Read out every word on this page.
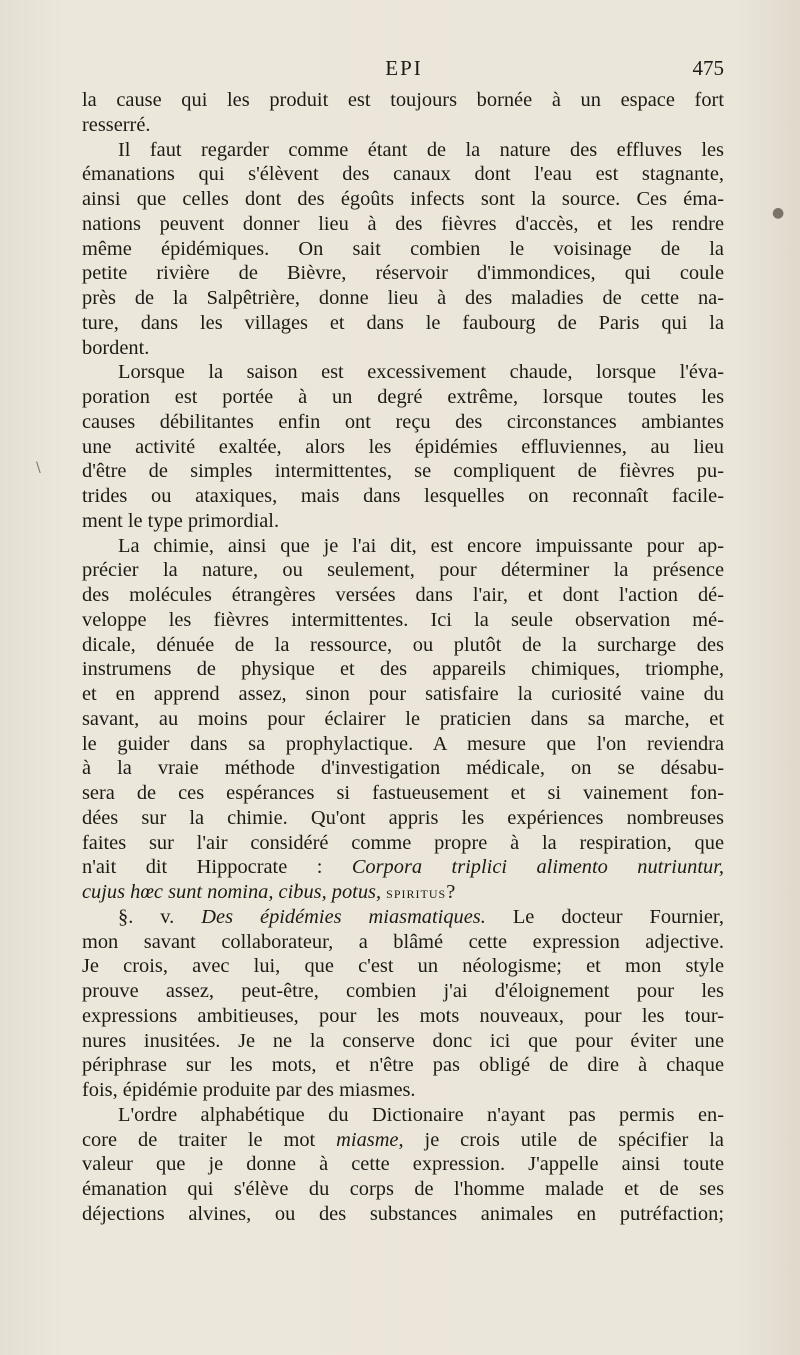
EPI	475
●
\
la cause qui les produit est toujours bornée à un espace fort
resserré.
Il faut regarder comme étant de la nature des effluves les
émanations qui s'élèvent des canaux dont l'eau est stagnante,
ainsi que celles dont des égoûts infects sont la source. Ces éma-
nations peuvent donner lieu à des fièvres d'accès, et les rendre
même épidémiques. On sait combien le voisinage de la
petite rivière de Bièvre, réservoir d'immondices, qui coule
près de la Salpêtrière, donne lieu à des maladies de cette na-
ture, dans les villages et dans le faubourg de Paris qui la
bordent.
Lorsque la saison est excessivement chaude, lorsque l'éva-
poration est portée à un degré extrême, lorsque toutes les
causes débilitantes enfin ont reçu des circonstances ambiantes
une activité exaltée, alors les épidémies effluviennes, au lieu
d'être de simples intermittentes, se compliquent de fièvres pu-
trides ou ataxiques, mais dans lesquelles on reconnaît facile-
ment le type primordial.
La chimie, ainsi que je l'ai dit, est encore impuissante pour ap-
précier la nature, ou seulement, pour déterminer la présence
des molécules étrangères versées dans l'air, et dont l'action dé-
veloppe les fièvres intermittentes. Ici la seule observation mé-
dicale, dénuée de la ressource, ou plutôt de la surcharge des
instrumens de physique et des appareils chimiques, triomphe,
et en apprend assez, sinon pour satisfaire la curiosité vaine du
savant, au moins pour éclairer le praticien dans sa marche, et
le guider dans sa prophylactique. A mesure que l'on reviendra
à la vraie méthode d'investigation médicale, on se désabu-
sera de ces espérances si fastueusement et si vainement fon-
dées sur la chimie. Qu'ont appris les expériences nombreuses
faites sur l'air considéré comme propre à la respiration, que
n'ait dit Hippocrate : Corpora triplici alimento nutriuntur,
cujus hœc sunt nomina, cibus, potus, spiritus?
§. v. Des épidémies miasmatiques. Le docteur Fournier,
mon savant collaborateur, a blâmé cette expression adjective.
Je crois, avec lui, que c'est un néologisme; et mon style
prouve assez, peut-être, combien j'ai d'éloignement pour les
expressions ambitieuses, pour les mots nouveaux, pour les tour-
nures inusitées. Je ne la conserve donc ici que pour éviter une
périphrase sur les mots, et n'être pas obligé de dire à chaque
fois, épidémie produite par des miasmes.
L'ordre alphabétique du Dictionaire n'ayant pas permis en-
core de traiter le mot miasme, je crois utile de spécifier la
valeur que je donne à cette expression. J'appelle ainsi toute
émanation qui s'élève du corps de l'homme malade et de ses
déjections alvines, ou des substances animales en putréfaction;
